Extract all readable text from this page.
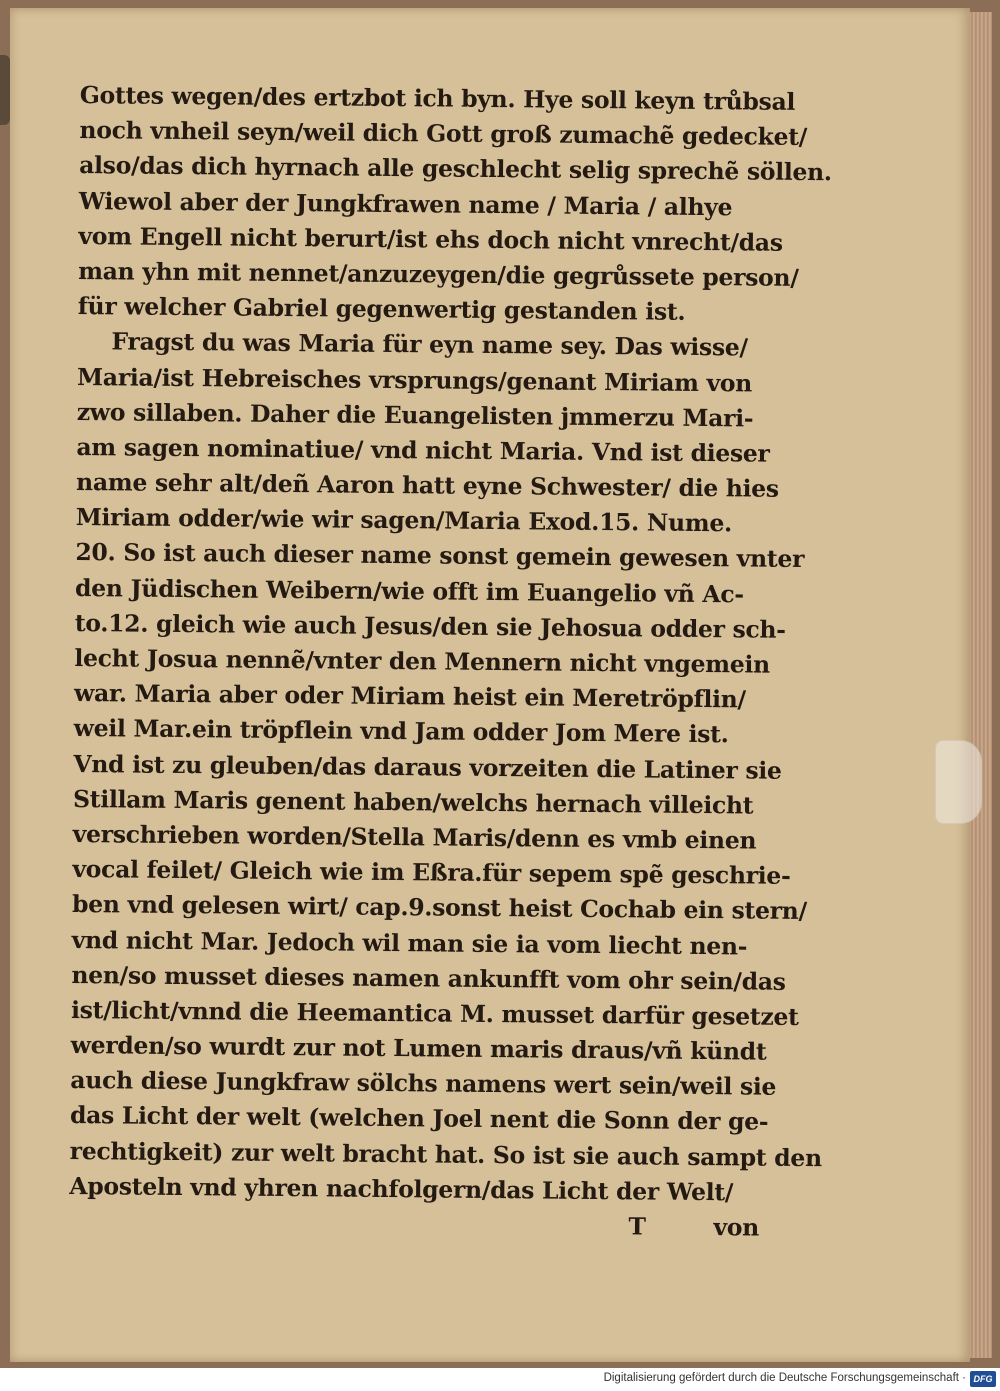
Gottes wegen/des ertzbot ich byn. Hye soll keyn trůbsal
noch vnheil seyn/weil dich Gott groß zumachẽ gedecket/
also/das dich hyrnach alle geschlecht selig sprechẽ söllen.
Wiewol aber der Jungkfrawen name / Maria / alhye
vom Engell nicht berurt/ist ehs doch nicht vnrecht/das
man yhn mit nennet/anzuzeygen/die gegrůssete person/
für welcher Gabriel gegenwertig gestanden ist.
Fragst du was Maria für eyn name sey. Das wisse/
Maria/ist Hebreisches vrsprungs/genant Miriam von
zwo sillaben. Daher die Euangelisten jmmerzu Mari-
am sagen nominatiue/ vnd nicht Maria. Vnd ist dieser
name sehr alt/deñ Aaron hatt eyne Schwester/ die hies
Miriam odder/wie wir sagen/Maria Exod.15. Nume.
20. So ist auch dieser name sonst gemein gewesen vnter
den Jüdischen Weibern/wie offt im Euangelio vñ Ac-
to.12. gleich wie auch Jesus/den sie Jehosua odder sch-
lecht Josua nennẽ/vnter den Mennern nicht vngemein
war. Maria aber oder Miriam heist ein Meretröpflin/
weil Mar.ein tröpflein vnd Jam odder Jom Mere ist.
Vnd ist zu gleuben/das daraus vorzeiten die Latiner sie
Stillam Maris genent haben/welchs hernach villeicht
verschrieben worden/Stella Maris/denn es vmb einen
vocal feilet/ Gleich wie im Eßra.für sepem spẽ geschrie-
ben vnd gelesen wirt/ cap.9.sonst heist Cochab ein stern/
vnd nicht Mar. Jedoch wil man sie ia vom liecht nen-
nen/so musset dieses namen ankunfft vom ohr sein/das
ist/licht/vnnd die Heemantica M. musset darfür gesetzet
werden/so wurdt zur not Lumen maris draus/vñ kündt
auch diese Jungkfraw sölchs namens wert sein/weil sie
das Licht der welt (welchen Joel nent die Sonn der ge-
rechtigkeit) zur welt bracht hat. So ist sie auch sampt den
Aposteln vnd yhren nachfolgern/das Licht der Welt/
T	von
Digitalisierung gefördert durch die Deutsche Forschungsgemeinschaft · DFG
